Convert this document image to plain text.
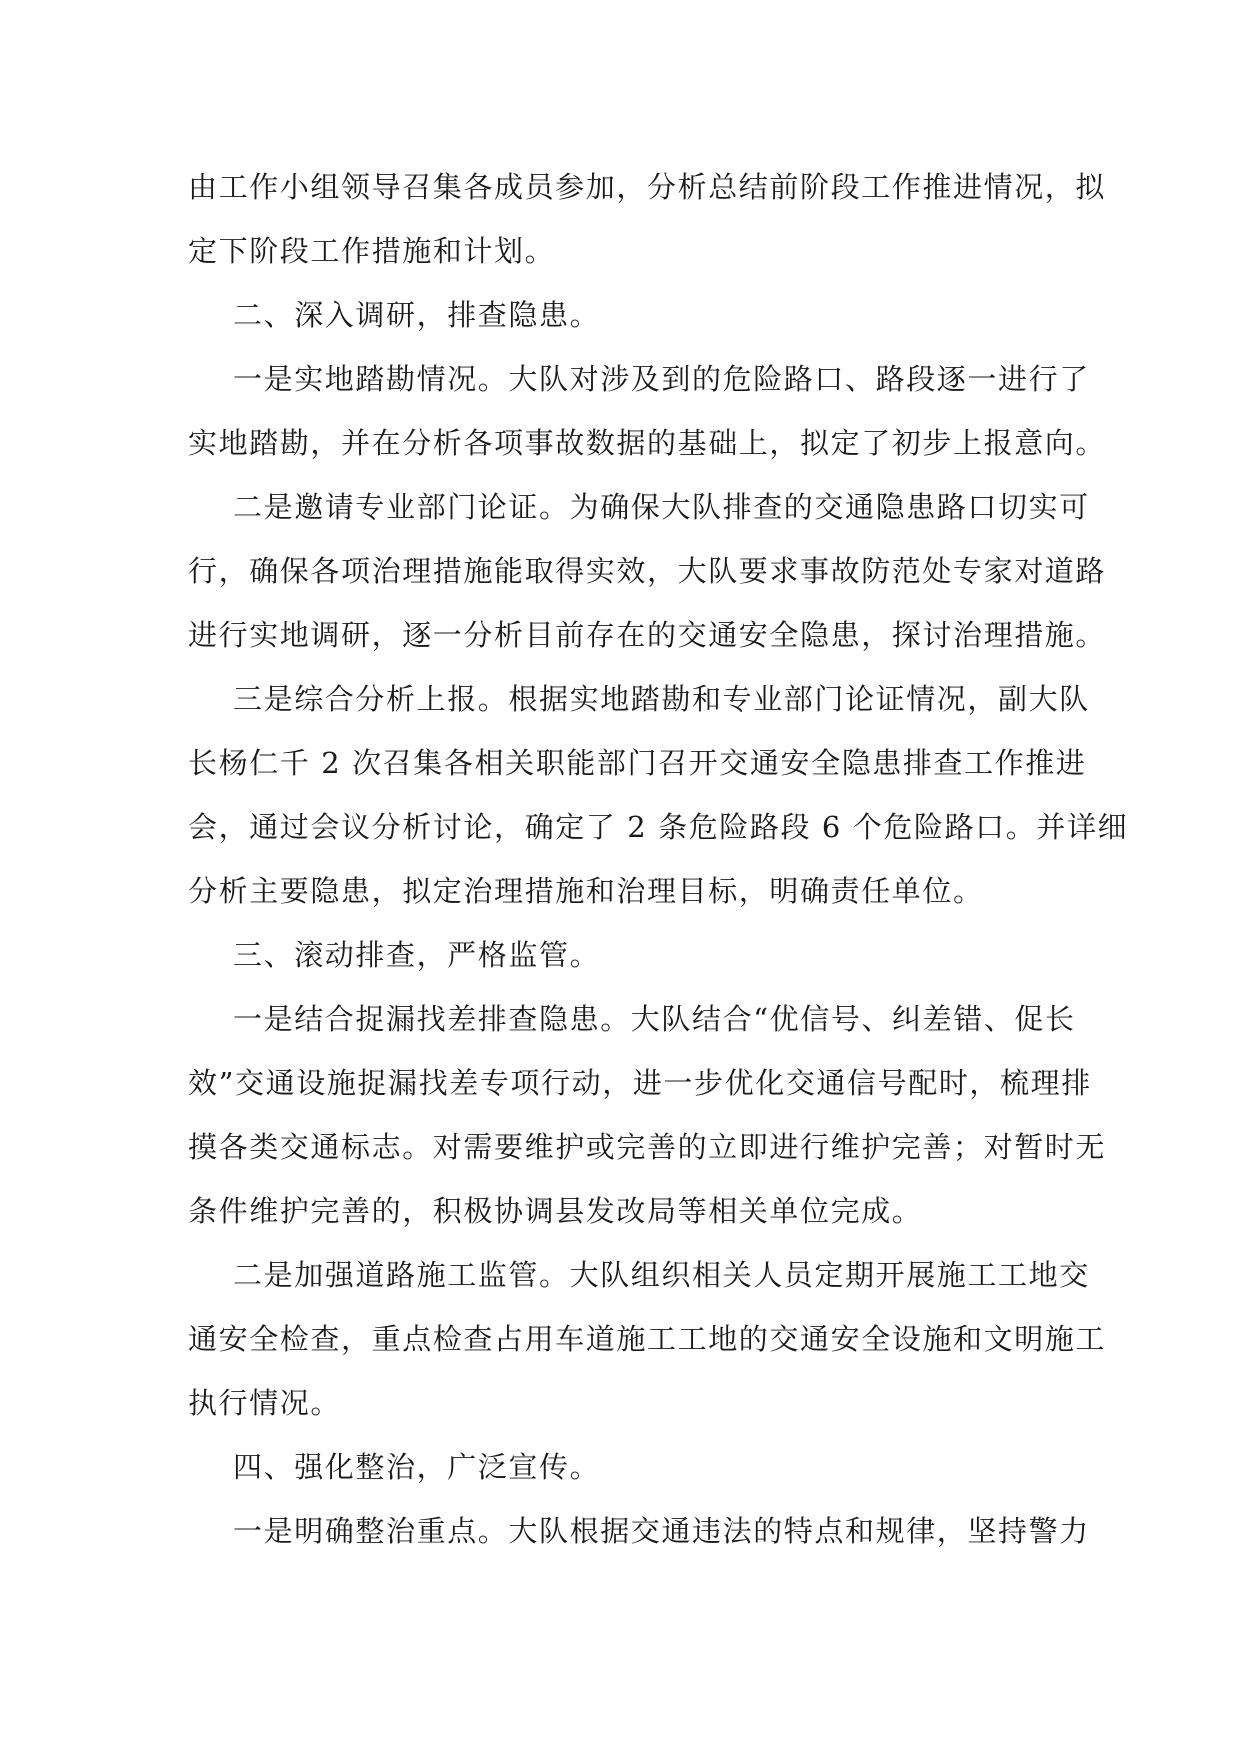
由工作小组领导召集各成员参加，分析总结前阶段工作推进情况，拟
定下阶段工作措施和计划。
二、深入调研，排查隐患。
一是实地踏勘情况。大队对涉及到的危险路口、路段逐一进行了
实地踏勘，并在分析各项事故数据的基础上，拟定了初步上报意向。
二是邀请专业部门论证。为确保大队排查的交通隐患路口切实可
行，确保各项治理措施能取得实效，大队要求事故防范处专家对道路
进行实地调研，逐一分析目前存在的交通安全隐患，探讨治理措施。
三是综合分析上报。根据实地踏勘和专业部门论证情况，副大队
长杨仁千 2 次召集各相关职能部门召开交通安全隐患排查工作推进
会，通过会议分析讨论，确定了 2 条危险路段 6 个危险路口。并详细
分析主要隐患，拟定治理措施和治理目标，明确责任单位。
三、滚动排查，严格监管。
一是结合捉漏找差排查隐患。大队结合“优信号、纠差错、促长
效”交通设施捉漏找差专项行动，进一步优化交通信号配时，梳理排
摸各类交通标志。对需要维护或完善的立即进行维护完善；对暂时无
条件维护完善的，积极协调县发改局等相关单位完成。
二是加强道路施工监管。大队组织相关人员定期开展施工工地交
通安全检查，重点检查占用车道施工工地的交通安全设施和文明施工
执行情况。
四、强化整治，广泛宣传。
一是明确整治重点。大队根据交通违法的特点和规律，坚持警力
